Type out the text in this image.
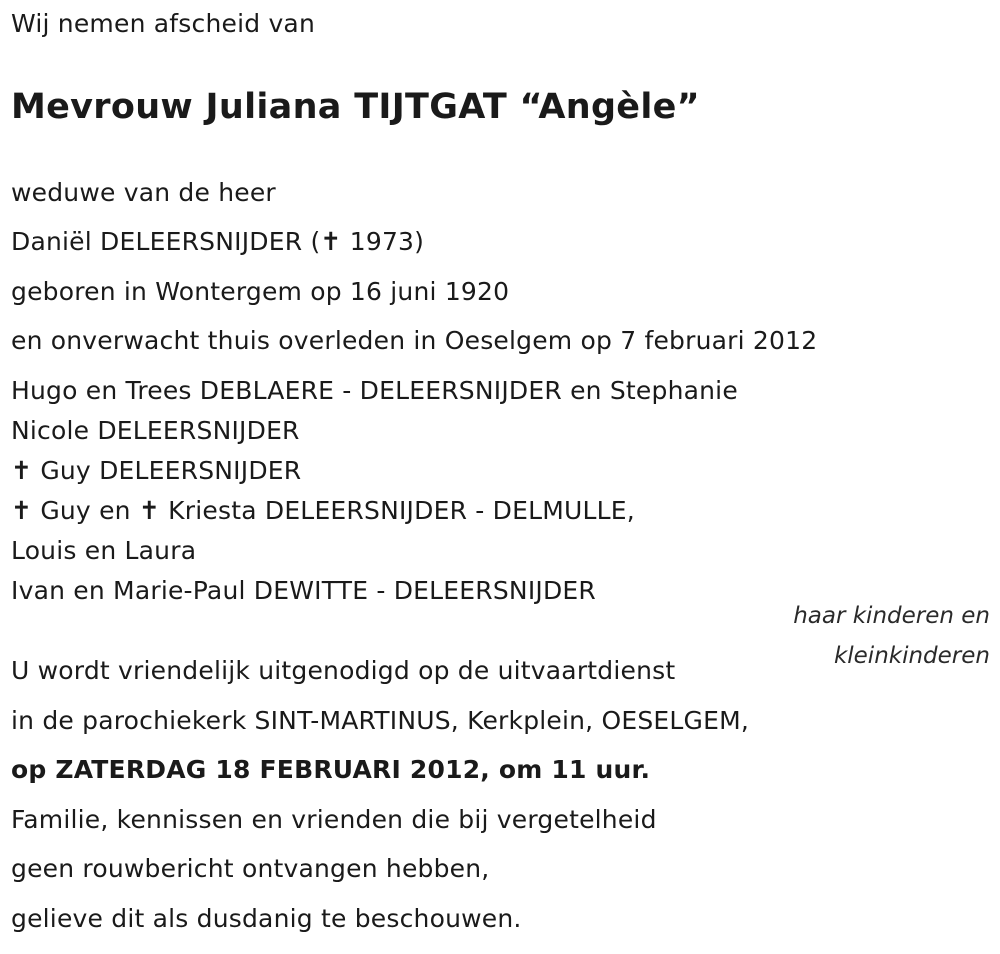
Wij nemen afscheid van
Mevrouw Juliana TIJTGAT “Angèle”
weduwe van de heer
Daniël DELEERSNIJDER (✝ 1973)
geboren in Wontergem op 16 juni 1920
en onverwacht thuis overleden in Oeselgem op 7 februari 2012
Hugo en Trees DEBLAERE - DELEERSNIJDER en Stephanie
Nicole DELEERSNIJDER
✝ Guy DELEERSNIJDER
✝ Guy en ✝ Kriesta DELEERSNIJDER - DELMULLE,
Louis en Laura
Ivan en Marie-Paul DEWITTE - DELEERSNIJDER
haar kinderen en
kleinkinderen
U wordt vriendelijk uitgenodigd op de uitvaartdienst
in de parochiekerk SINT-MARTINUS, Kerkplein, OESELGEM,
op ZATERDAG 18 FEBRUARI 2012, om 11 uur.
Familie, kennissen en vrienden die bij vergetelheid
geen rouwbericht ontvangen hebben,
gelieve dit als dusdanig te beschouwen.
